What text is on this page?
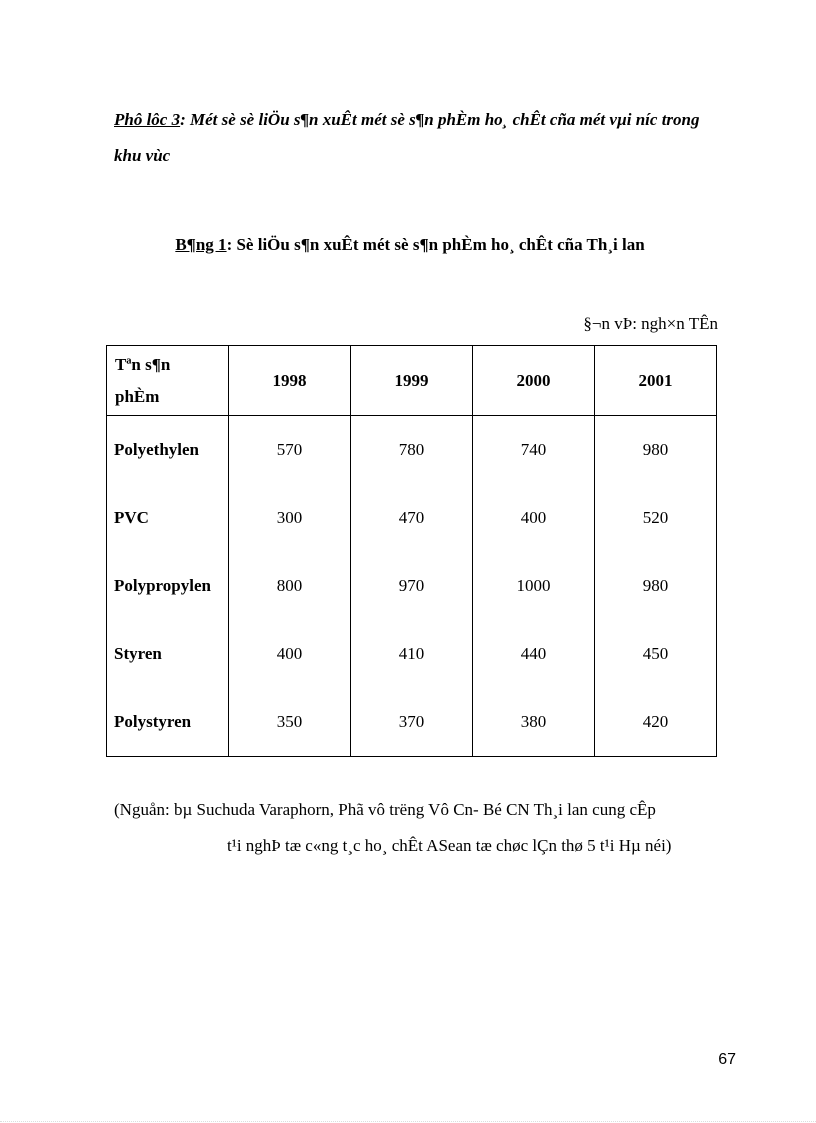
Phô lôc 3: Mét sè sè liÖu s¶n xuÊt mét sè s¶n phÈm ho¸ chÊt cña mét vµi níc trong khu vùc
B¶ng 1: Sè liÖu s¶n xuÊt mét sè s¶n phÈm ho¸ chÊt cña Th¸i lan
§¬n vÞ: ngh×n TÊn
Tªn s¶n
phÈm	1998	1999	2000	2001
Polyethylen	570	780	740	980
PVC	300	470	400	520
Polypropylen	800	970	1000	980
Styren	400	410	440	450
Polystyren	350	370	380	420
(Nguån: bµ Suchuda Varaphorn, Phã vô trëng Vô Cn- Bé CN Th¸i lan cung cÊp
t¹i nghÞ tæ c«ng t¸c ho¸ chÊt ASean tæ chøc lÇn thø 5 t¹i Hµ néi)
67
